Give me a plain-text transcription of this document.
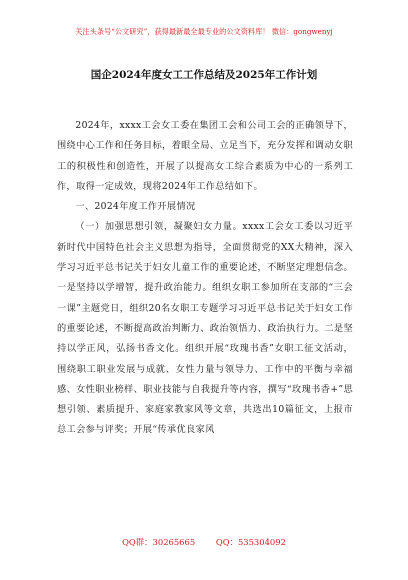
关注头条号“公文研究”，获得最新最全最专业的公文资料库！ 微信：gongwenyj
国企2024年度女工工作总结及2025年工作计划

2024年，xxxx工会女工委在集团工会和公司工会的正确领导下，围绕中心工作和任务目标，着眼全局、立足当下，充分发挥和调动女职工的积极性和创造性，开展了以提高女工综合素质为中心的一系列工作，取得一定成效，现将2024年工作总结如下。

一、2024年度工作开展情况

（一）加强思想引领，凝聚妇女力量。xxxx工会女工委以习近平新时代中国特色社会主义思想为指导，全面贯彻党的XX大精神，深入学习习近平总书记关于妇女儿童工作的重要论述，不断坚定理想信念。一是坚持以学增智，提升政治能力。组织女职工参加所在支部的“三会一课”主题党日，组织20名女职工专题学习习近平总书记关于妇女工作的重要论述，不断提高政治判断力、政治领悟力、政治执行力。二是坚持以学正风，弘扬书香文化。组织开展“玫瑰书香”女职工征文活动，围绕职工职业发展与成就、女性力量与领导力、工作中的平衡与幸福感、女性职业榜样、职业技能与自我提升等内容，撰写“玫瑰书香+”思想引领、素质提升、家庭家教家风等文章，共选出10篇征文，上报市总工会参与评奖；开展“传承优良家风

QQ群：30265665 QQ：535304092
